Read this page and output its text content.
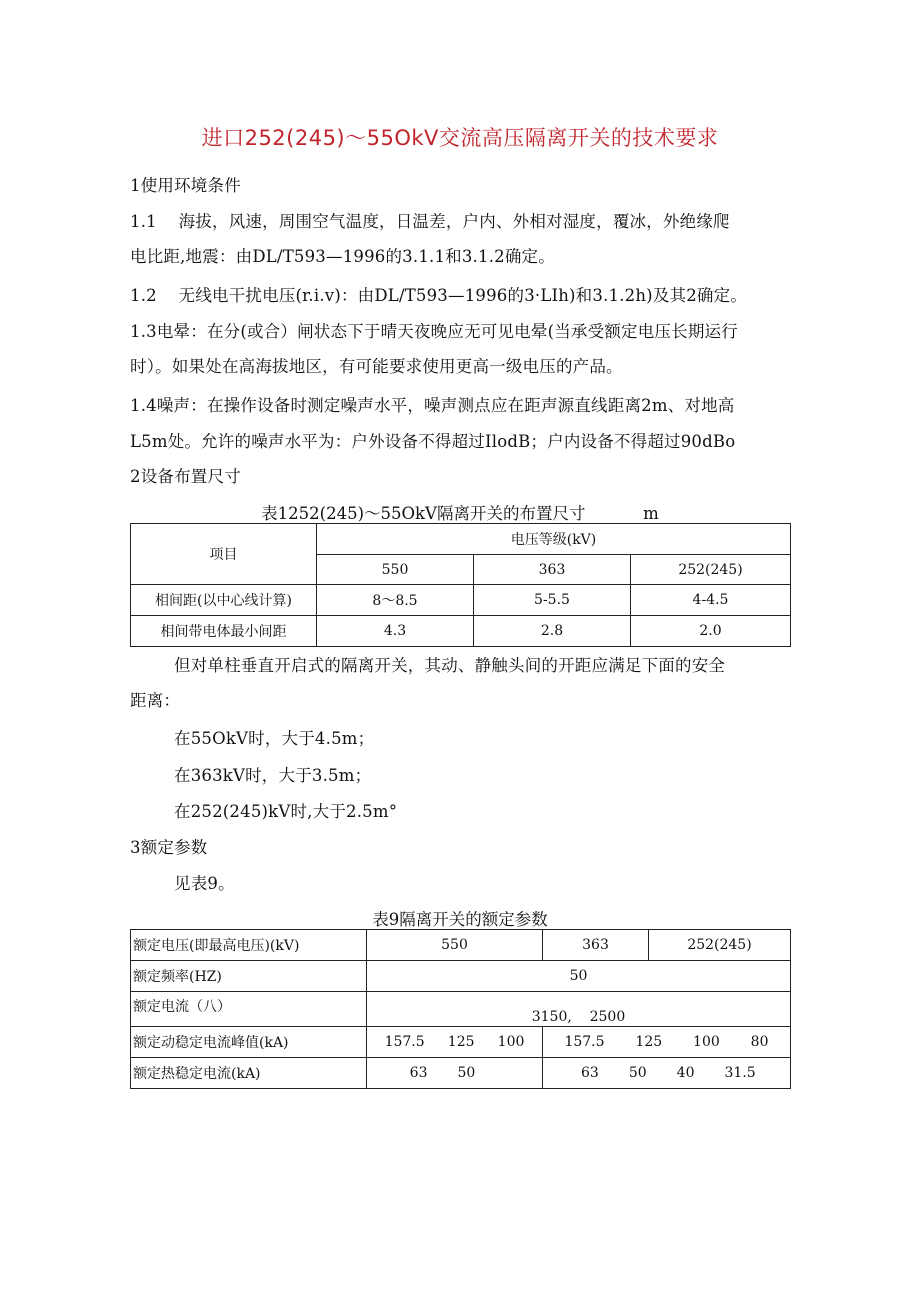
进口252(245)～55OkV交流高压隔离开关的技术要求

1使用环境条件

1.1    海拔，风速，周围空气温度，日温差，户内、外相对湿度，覆冰，外绝缘爬

电比距,地震：由DL/T593—1996的3.1.1和3.1.2确定。

1.2    无线电干扰电压(r.i.v)：由DL/T593—1996的3·LIh)和3.1.2h)及其2确定。

1.3电晕：在分(或合）闸状态下于晴天夜晚应无可见电晕(当承受额定电压长期运行

时）。如果处在高海拔地区，有可能要求使用更高一级电压的产品。

1.4噪声：在操作设备时测定噪声水平，噪声测点应在距声源直线距离2m、对地高

L5m处。允许的噪声水平为：户外设备不得超过IlodB；户内设备不得超过90dBo

2设备布置尺寸

表1252(245)～55OkV隔离开关的布置尺寸           m

项目	电压等级(kV)		
	550	363	252(245)
相间距(以中心线计算)	8～8.5	5-5.5	4-4.5
相间带电体最小间距	4.3	2.8	2.0

但对单柱垂直开启式的隔离开关，其动、静触头间的开距应满足下面的安全

距离：

在55OkV时，大于4.5m；

在363kV时，大于3.5m；

在252(245)kV时,大于2.5m°

3额定参数

见表9。

表9隔离开关的额定参数

额定电压(即最高电压)(kV)	550	363	252(245)
额定频率(HZ)	50		
额定电流（八）	3150,    2500		
额定动稳定电流峰值(kA)	157.5 125 100	157.5 125 100 80	

额定热稳定电流(kA)	63 50	63 50 40 31.5	
